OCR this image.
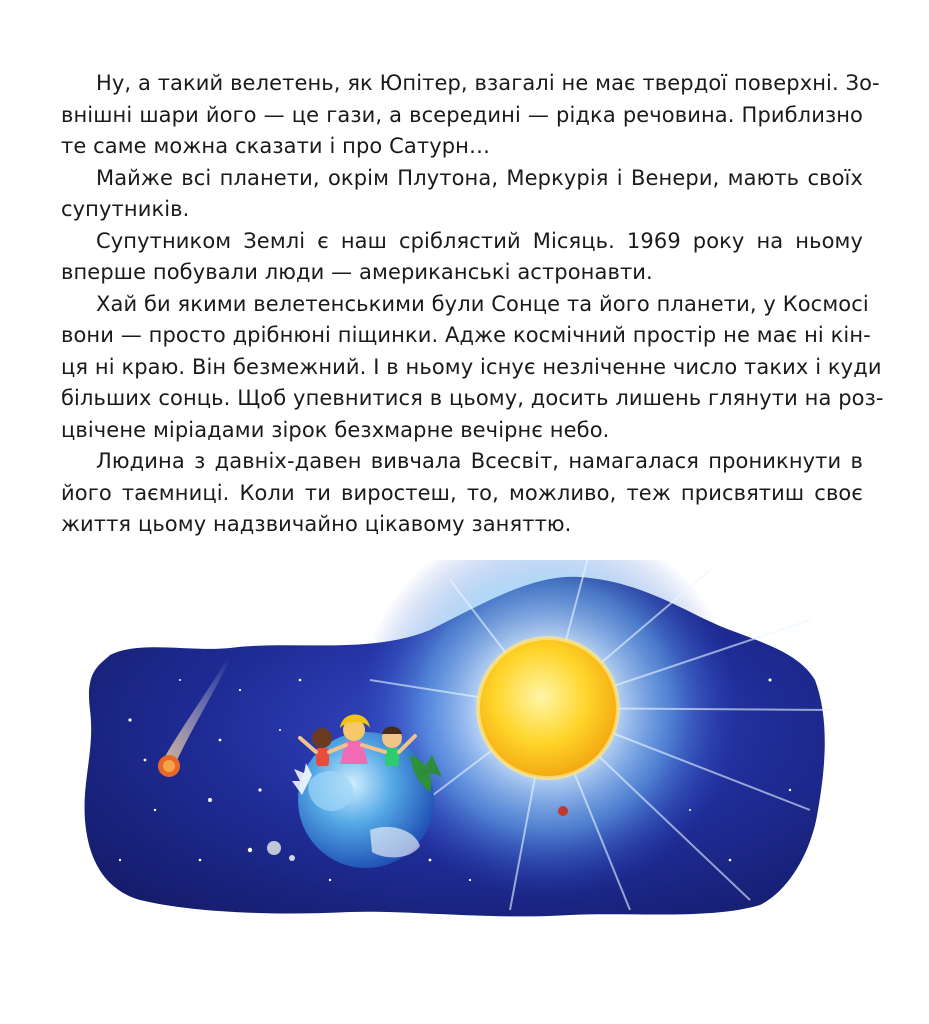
Ну, а такий велетень, як Юпітер, взагалі не має твердої поверхні. Зо-
внішні шари його — це гази, а всередині — рідка речовина. Приблизно
те саме можна сказати і про Сатурн…
Майже всі планети, окрім Плутона, Меркурія і Венери, мають своїх
супутників.
Супутником Землі є наш сріблястий Місяць. 1969 року на ньому
вперше побували люди — американські астронавти.
Хай би якими велетенськими були Сонце та його планети, у Космосі
вони — просто дрібнюні піщинки. Адже космічний простір не має ні кін-
ця ні краю. Він безмежний. І в ньому існує незліченне число таких і куди
більших сонць. Щоб упевнитися в цьому, досить лишень глянути на роз-
цвічене міріадами зірок безхмарне вечірнє небо.
Людина з давніх-давен вивчала Всесвіт, намагалася проникнути в
його таємниці. Коли ти виростеш, то, можливо, теж присвятиш своє
життя цьому надзвичайно цікавому заняттю.
